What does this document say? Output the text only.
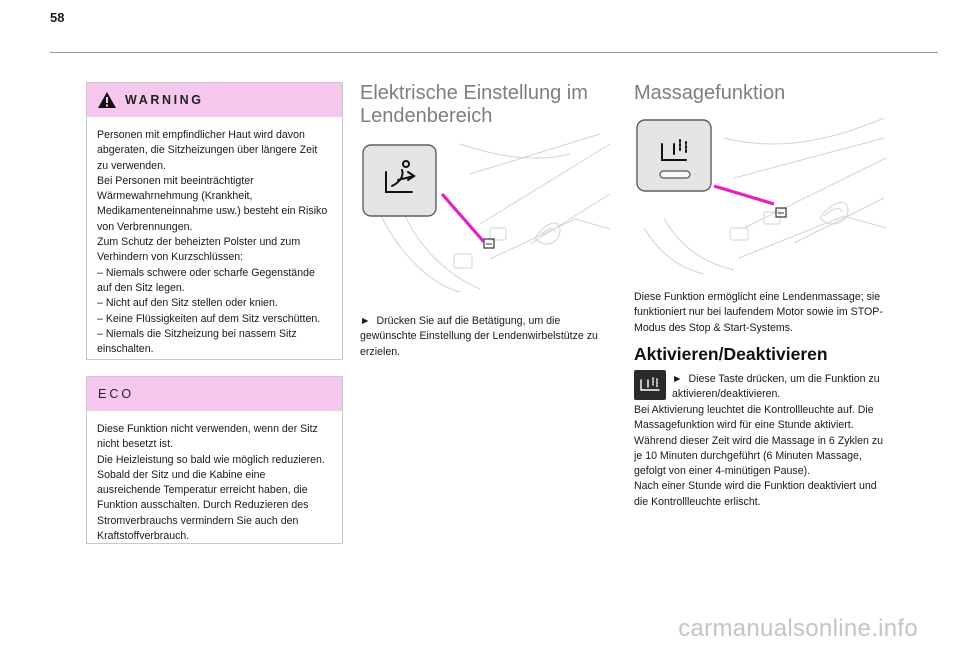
58
WARNING
Personen mit empfindlicher Haut wird davon abgeraten, die Sitzheizungen über längere Zeit zu verwenden.
Bei Personen mit beeinträchtigter Wärmewahrnehmung (Krankheit, Medikamenteneinnahme usw.) besteht ein Risiko von Verbrennungen.
Zum Schutz der beheizten Polster und zum Verhindern von Kurzschlüssen:
– Niemals schwere oder scharfe Gegenstände auf den Sitz legen.
– Nicht auf den Sitz stellen oder knien.
– Keine Flüssigkeiten auf dem Sitz verschütten.
– Niemals die Sitzheizung bei nassem Sitz einschalten.
ECO
Diese Funktion nicht verwenden, wenn der Sitz nicht besetzt ist.
Die Heizleistung so bald wie möglich reduzieren. Sobald der Sitz und die Kabine eine ausreichende Temperatur erreicht haben, die Funktion ausschalten. Durch Reduzieren des Stromverbrauchs vermindern Sie auch den Kraftstoffverbrauch.
Elektrische Einstellung im Lendenbereich
► Drücken Sie auf die Betätigung, um die gewünschte Einstellung der Lendenwirbelstütze zu erzielen.
Massagefunktion
Diese Funktion ermöglicht eine Lendenmassage; sie funktioniert nur bei laufendem Motor sowie im STOP-Modus des Stop & Start-Systems.
Aktivieren/Deaktivieren
► Diese Taste drücken, um die Funktion zu aktivieren/deaktivieren.
Bei Aktivierung leuchtet die Kontrollleuchte auf. Die Massagefunktion wird für eine Stunde aktiviert.
Während dieser Zeit wird die Massage in 6 Zyklen zu je 10 Minuten durchgeführt (6 Minuten Massage, gefolgt von einer 4-minütigen Pause).
Nach einer Stunde wird die Funktion deaktiviert und die Kontrollleuchte erlischt.
carmanualsonline.info
